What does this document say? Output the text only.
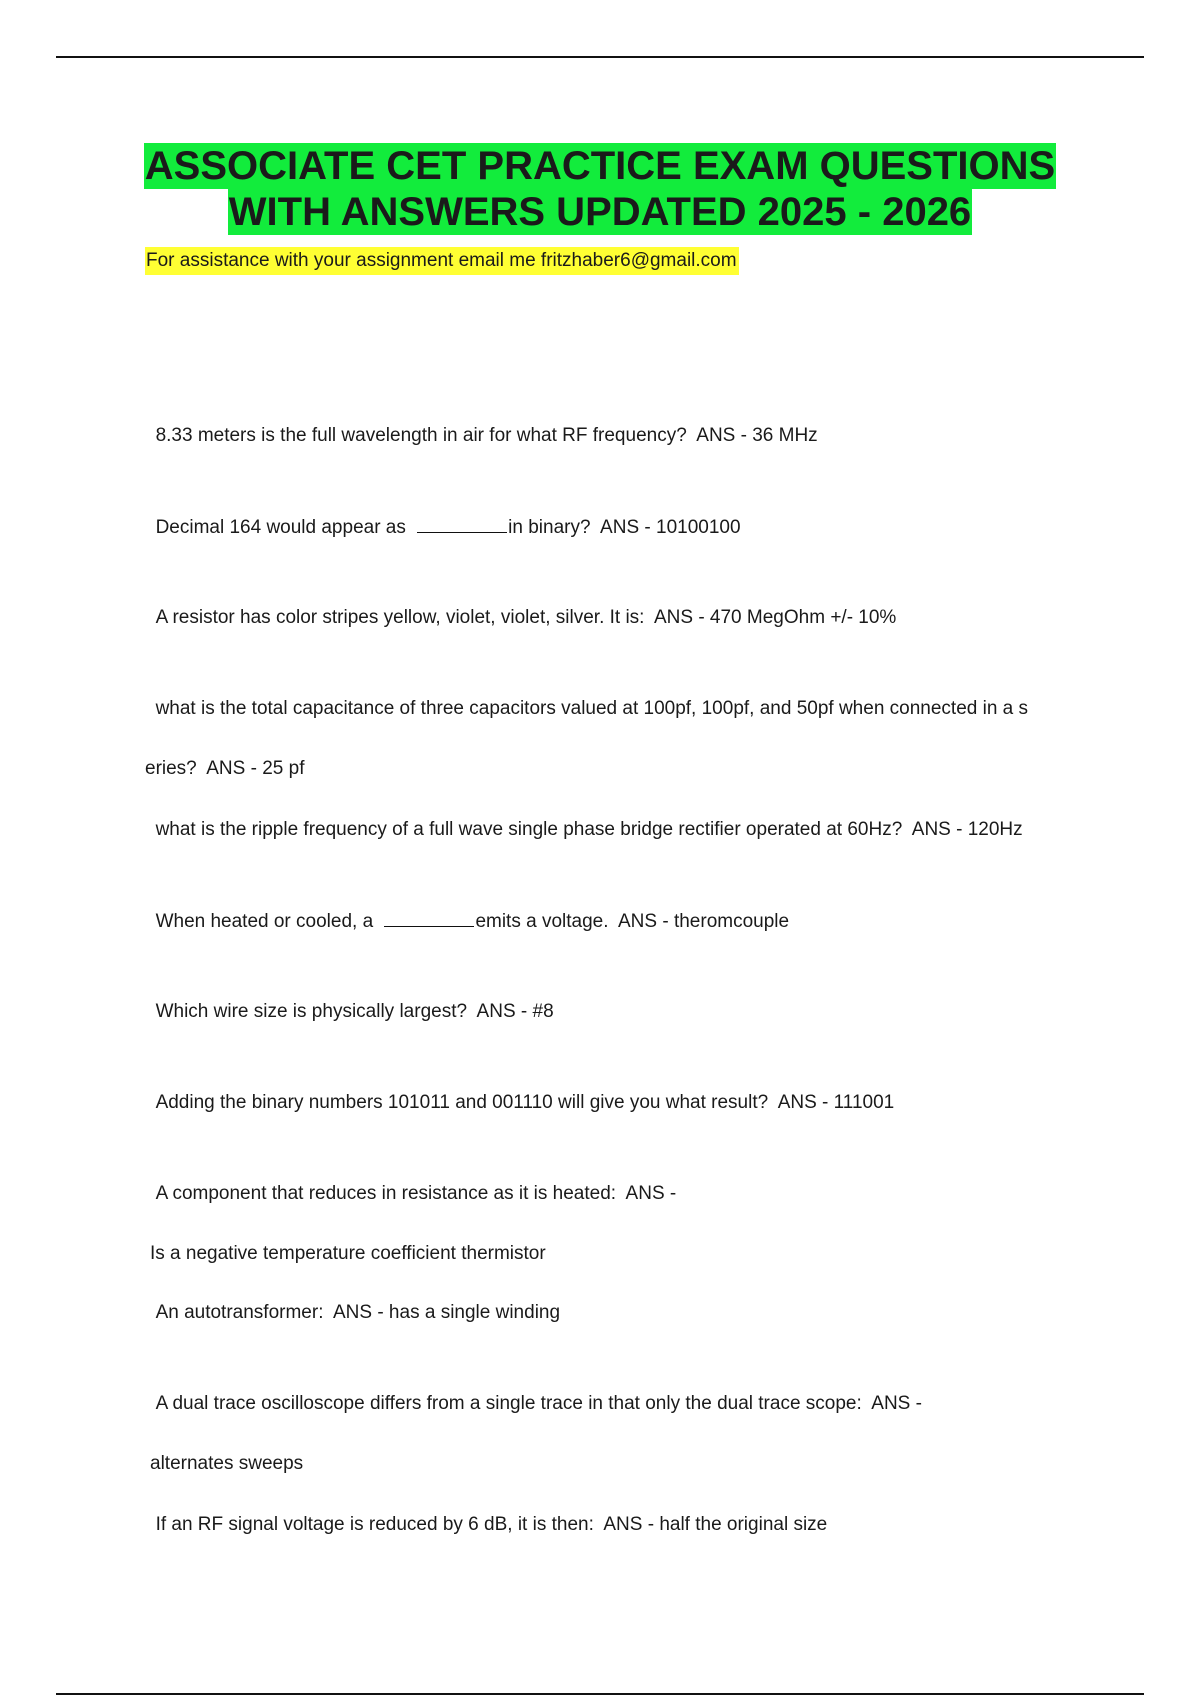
ASSOCIATE CET PRACTICE EXAM QUESTIONS
WITH ANSWERS UPDATED 2025 - 2026
For assistance with your assignment email me fritzhaber6@gmail.com

8.33 meters is the full wavelength in air for what RF frequency?  ANS - 36 MHz

Decimal 164 would appear as	in binary?  ANS - 10100100

A resistor has color stripes yellow, violet, violet, silver. It is:  ANS - 470 MegOhm +/- 10%

what is the total capacitance of three capacitors valued at 100pf, 100pf, and 50pf when connected in a s

eries?  ANS - 25 pf

what is the ripple frequency of a full wave single phase bridge rectifier operated at 60Hz?  ANS - 120Hz

When heated or cooled, a	emits a voltage.  ANS - theromcouple

Which wire size is physically largest?  ANS - #8

Adding the binary numbers 101011 and 001110 will give you what result?  ANS - 111001

A component that reduces in resistance as it is heated:  ANS -

Is a negative temperature coefficient thermistor

An autotransformer:  ANS - has a single winding

A dual trace oscilloscope differs from a single trace in that only the dual trace scope:  ANS -

alternates sweeps

If an RF signal voltage is reduced by 6 dB, it is then:  ANS - half the original size
